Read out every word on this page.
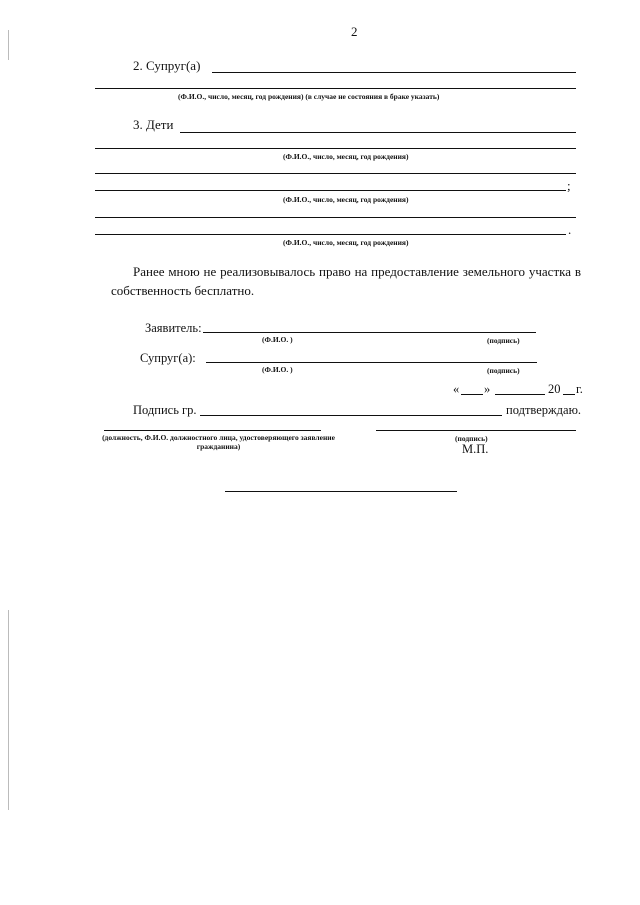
2
2. Супруг(а)
(Ф.И.О., число, месяц, год рождения) (в случае не состояния в браке указать)
3. Дети
(Ф.И.О., число, месяц, год рождения)
;
(Ф.И.О., число, месяц, год рождения)
.
(Ф.И.О., число, месяц, год рождения)
Ранее мною не реализовывалось право на предоставление земельного участка в собственность бесплатно.
Заявитель:
(Ф.И.О. )	(подпись)
Супруг(а):
(Ф.И.О. )	(подпись)
« »	20 г.
Подпись гр.	подтверждаю.
(должность, Ф.И.О. должностного лица, удостоверяющего заявление гражданина)
(подпись)
М.П.
